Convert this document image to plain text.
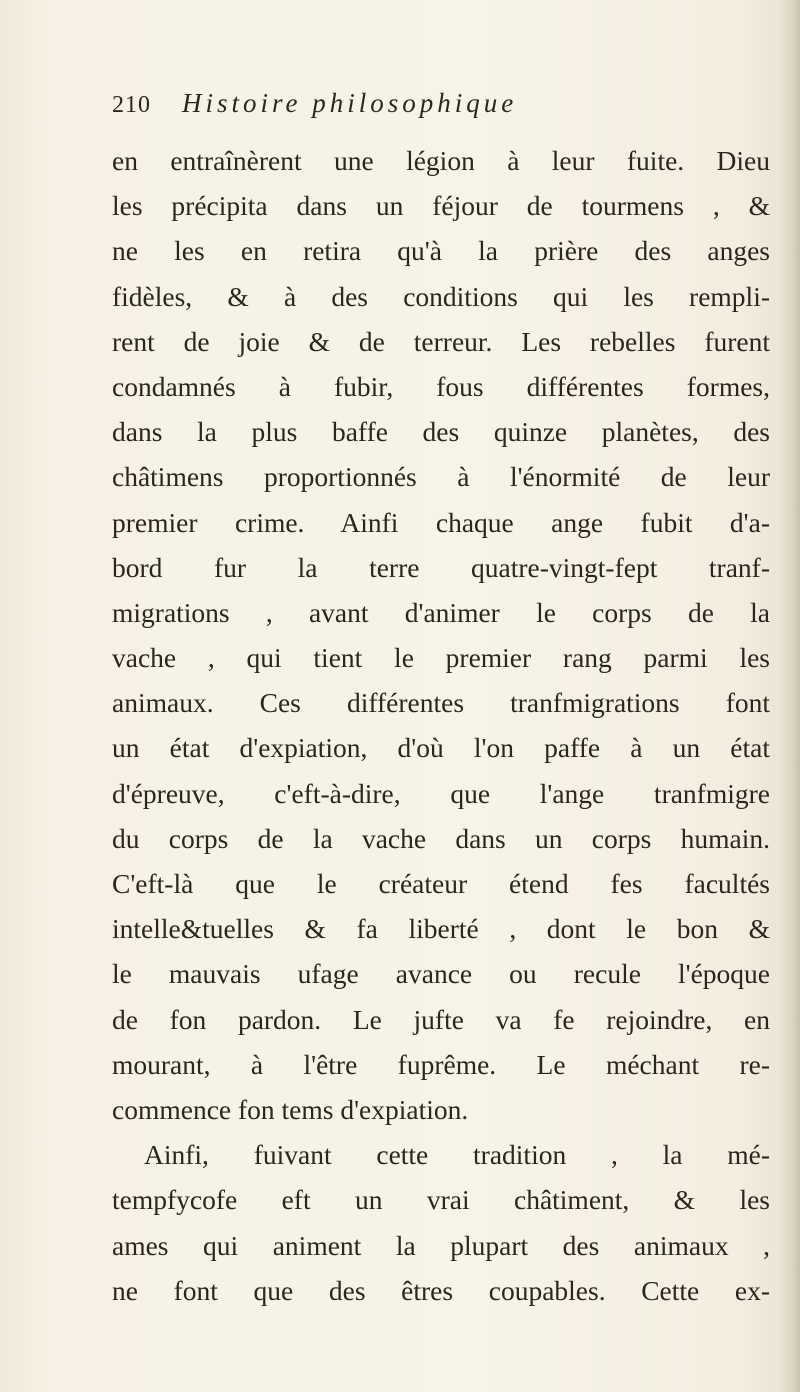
210 Histoire philosophique
en entraînèrent une légion à leur fuite. Dieu
les précipita dans un féjour de tourmens , &
ne les en retira qu'à la prière des anges
fidèles, & à des conditions qui les rempli-
rent de joie & de terreur. Les rebelles furent
condamnés à fubir, fous différentes formes,
dans la plus baffe des quinze planètes, des
châtimens proportionnés à l'énormité de leur
premier crime. Ainfi chaque ange fubit d'a-
bord fur la terre quatre-vingt-fept tranf-
migrations , avant d'animer le corps de la
vache , qui tient le premier rang parmi les
animaux. Ces différentes tranfmigrations font
un état d'expiation, d'où l'on paffe à un état
d'épreuve, c'eft-à-dire, que l'ange tranfmigre
du corps de la vache dans un corps humain.
C'eft-là que le créateur étend fes facultés
intelle&tuelles & fa liberté , dont le bon &
le mauvais ufage avance ou recule l'époque
de fon pardon. Le jufte va fe rejoindre, en
mourant, à l'être fuprême. Le méchant re-
commence fon tems d'expiation.
Ainfi, fuivant cette tradition , la mé-
tempfycofe eft un vrai châtiment, & les
ames qui animent la plupart des animaux ,
ne font que des êtres coupables. Cette ex-
